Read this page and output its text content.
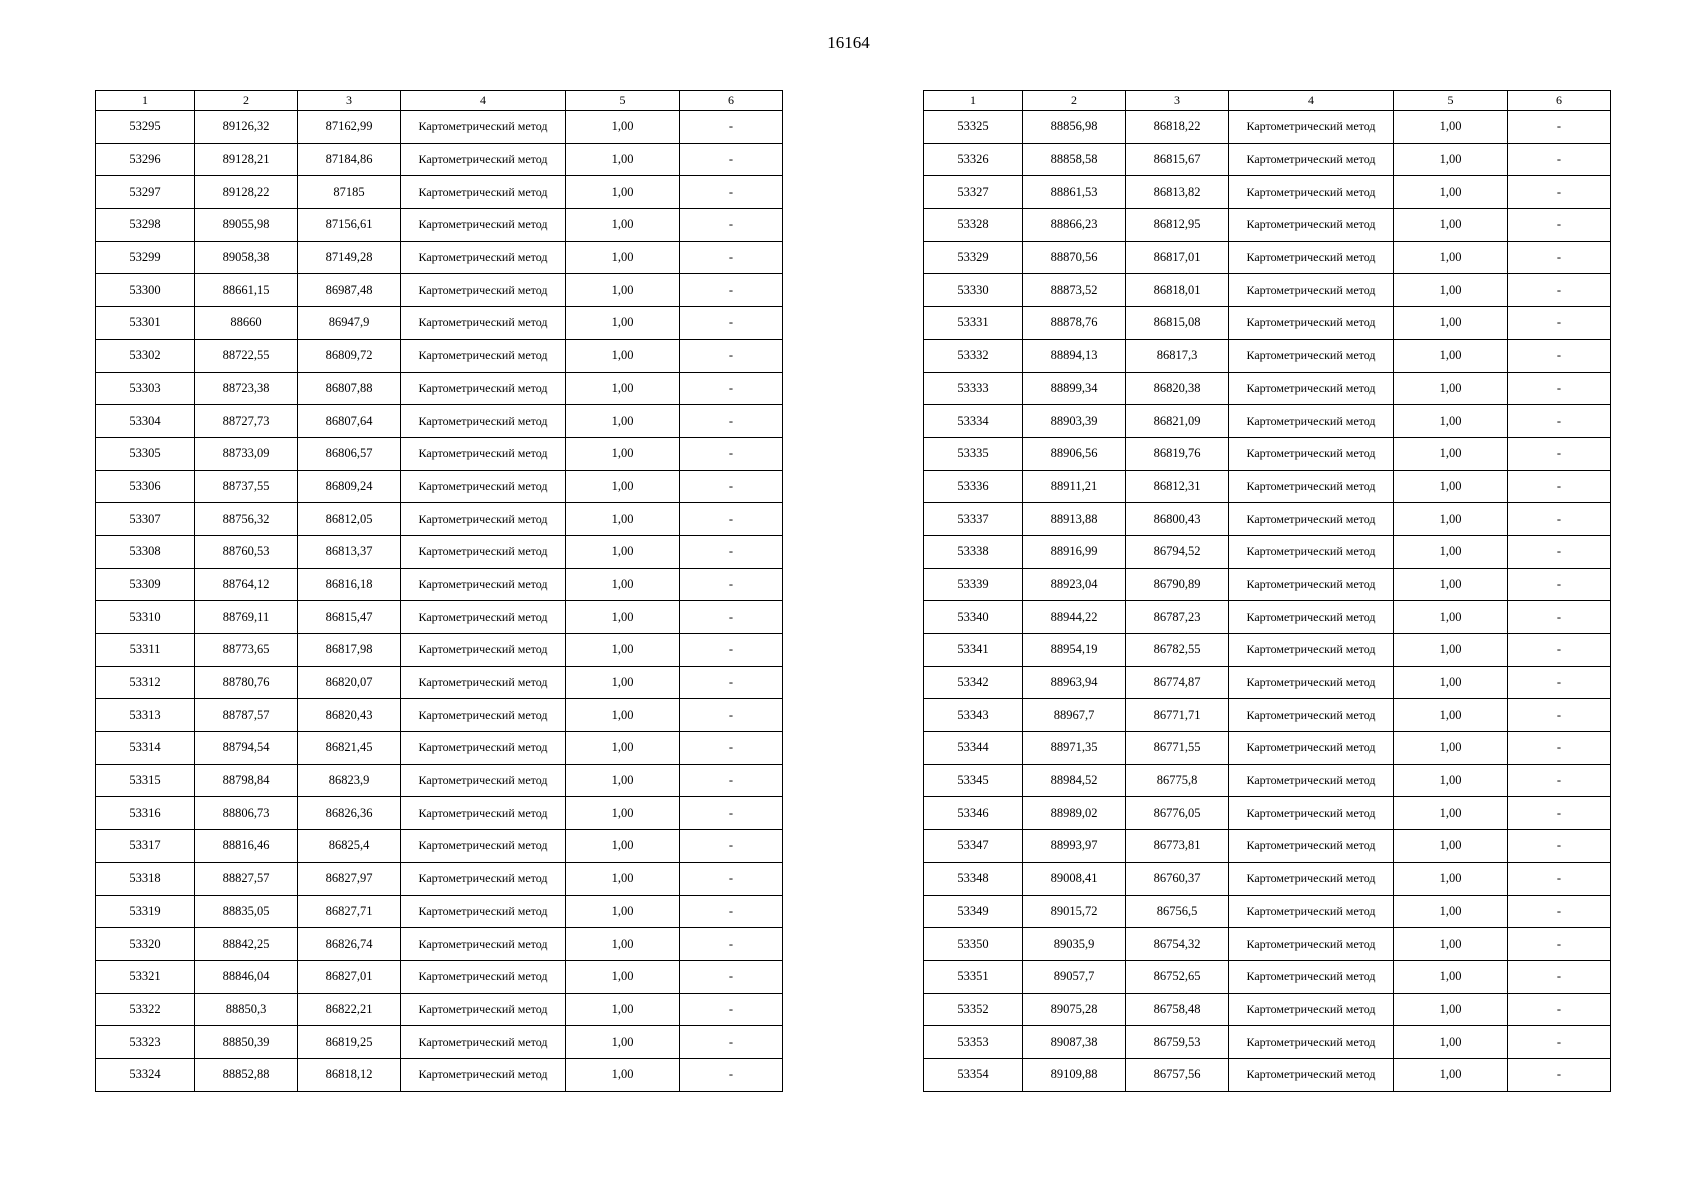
16164
1	2	3	4	5	6
53295	89126,32	87162,99	Картометрический метод	1,00	-
53296	89128,21	87184,86	Картометрический метод	1,00	-
53297	89128,22	87185	Картометрический метод	1,00	-
53298	89055,98	87156,61	Картометрический метод	1,00	-
53299	89058,38	87149,28	Картометрический метод	1,00	-
53300	88661,15	86987,48	Картометрический метод	1,00	-
53301	88660	86947,9	Картометрический метод	1,00	-
53302	88722,55	86809,72	Картометрический метод	1,00	-
53303	88723,38	86807,88	Картометрический метод	1,00	-
53304	88727,73	86807,64	Картометрический метод	1,00	-
53305	88733,09	86806,57	Картометрический метод	1,00	-
53306	88737,55	86809,24	Картометрический метод	1,00	-
53307	88756,32	86812,05	Картометрический метод	1,00	-
53308	88760,53	86813,37	Картометрический метод	1,00	-
53309	88764,12	86816,18	Картометрический метод	1,00	-
53310	88769,11	86815,47	Картометрический метод	1,00	-
53311	88773,65	86817,98	Картометрический метод	1,00	-
53312	88780,76	86820,07	Картометрический метод	1,00	-
53313	88787,57	86820,43	Картометрический метод	1,00	-
53314	88794,54	86821,45	Картометрический метод	1,00	-
53315	88798,84	86823,9	Картометрический метод	1,00	-
53316	88806,73	86826,36	Картометрический метод	1,00	-
53317	88816,46	86825,4	Картометрический метод	1,00	-
53318	88827,57	86827,97	Картометрический метод	1,00	-
53319	88835,05	86827,71	Картометрический метод	1,00	-
53320	88842,25	86826,74	Картометрический метод	1,00	-
53321	88846,04	86827,01	Картометрический метод	1,00	-
53322	88850,3	86822,21	Картометрический метод	1,00	-
53323	88850,39	86819,25	Картометрический метод	1,00	-
53324	88852,88	86818,12	Картометрический метод	1,00	-
1	2	3	4	5	6
53325	88856,98	86818,22	Картометрический метод	1,00	-
53326	88858,58	86815,67	Картометрический метод	1,00	-
53327	88861,53	86813,82	Картометрический метод	1,00	-
53328	88866,23	86812,95	Картометрический метод	1,00	-
53329	88870,56	86817,01	Картометрический метод	1,00	-
53330	88873,52	86818,01	Картометрический метод	1,00	-
53331	88878,76	86815,08	Картометрический метод	1,00	-
53332	88894,13	86817,3	Картометрический метод	1,00	-
53333	88899,34	86820,38	Картометрический метод	1,00	-
53334	88903,39	86821,09	Картометрический метод	1,00	-
53335	88906,56	86819,76	Картометрический метод	1,00	-
53336	88911,21	86812,31	Картометрический метод	1,00	-
53337	88913,88	86800,43	Картометрический метод	1,00	-
53338	88916,99	86794,52	Картометрический метод	1,00	-
53339	88923,04	86790,89	Картометрический метод	1,00	-
53340	88944,22	86787,23	Картометрический метод	1,00	-
53341	88954,19	86782,55	Картометрический метод	1,00	-
53342	88963,94	86774,87	Картометрический метод	1,00	-
53343	88967,7	86771,71	Картометрический метод	1,00	-
53344	88971,35	86771,55	Картометрический метод	1,00	-
53345	88984,52	86775,8	Картометрический метод	1,00	-
53346	88989,02	86776,05	Картометрический метод	1,00	-
53347	88993,97	86773,81	Картометрический метод	1,00	-
53348	89008,41	86760,37	Картометрический метод	1,00	-
53349	89015,72	86756,5	Картометрический метод	1,00	-
53350	89035,9	86754,32	Картометрический метод	1,00	-
53351	89057,7	86752,65	Картометрический метод	1,00	-
53352	89075,28	86758,48	Картометрический метод	1,00	-
53353	89087,38	86759,53	Картометрический метод	1,00	-
53354	89109,88	86757,56	Картометрический метод	1,00	-
